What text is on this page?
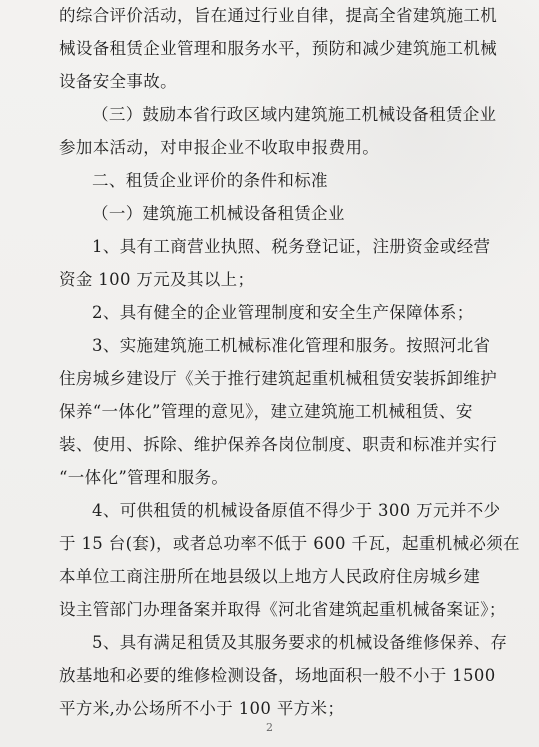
的综合评价活动，旨在通过行业自律，提高全省建筑施工机
械设备租赁企业管理和服务水平，预防和减少建筑施工机械
设备安全事故。
（三）鼓励本省行政区域内建筑施工机械设备租赁企业
参加本活动，对申报企业不收取申报费用。
二、租赁企业评价的条件和标准
（一）建筑施工机械设备租赁企业
1、具有工商营业执照、税务登记证，注册资金或经营
资金 100 万元及其以上；
2、具有健全的企业管理制度和安全生产保障体系；
3、实施建筑施工机械标准化管理和服务。按照河北省
住房城乡建设厅《关于推行建筑起重机械租赁安装拆卸维护
保养“一体化”管理的意见》，建立建筑施工机械租赁、安
装、使用、拆除、维护保养各岗位制度、职责和标准并实行
“一体化”管理和服务。
4、可供租赁的机械设备原值不得少于 300 万元并不少
于 15 台(套)，或者总功率不低于 600 千瓦，起重机械必须在
本单位工商注册所在地县级以上地方人民政府住房城乡建
设主管部门办理备案并取得《河北省建筑起重机械备案证》；
5、具有满足租赁及其服务要求的机械设备维修保养、存
放基地和必要的维修检测设备，场地面积一般不小于 1500
平方米,办公场所不小于 100 平方米；
2
